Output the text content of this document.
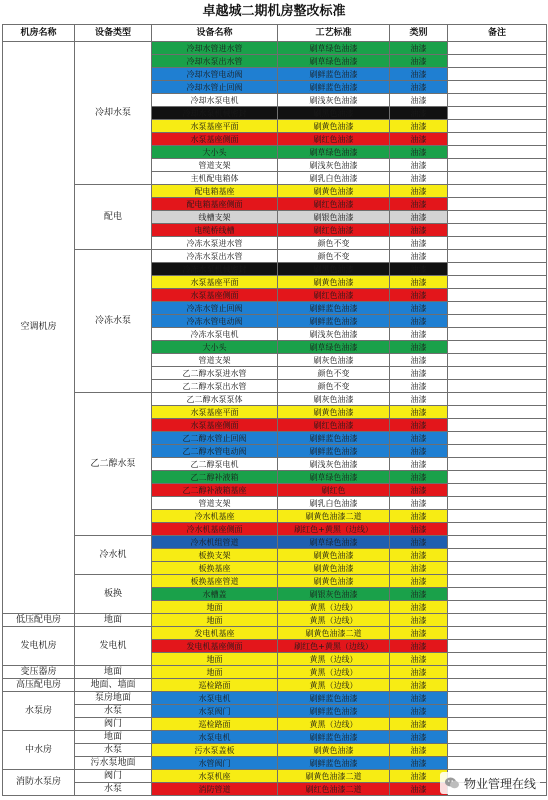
卓越城二期机房整改标准
机房名称	设备类型	设备名称	工艺标准	类别	备注
空调机房	冷却水泵	冷却水管进水管	刷草绿色油漆	油漆	
		冷却水泵出水管	刷草绿色油漆	油漆	
		冷却水管电动阀	刷鲜蓝色油漆	油漆	
		冷却水管止回阀	刷鲜蓝色油漆	油漆	
		冷却水泵电机	刷浅灰色油漆	油漆	
		冷却水泵机械密封	刷黑色油漆	油漆	
		水泵基座平面	刷黄色油漆	油漆	
		水泵基座侧面	刷红色油漆	油漆	
		大小头	刷草绿色油漆	油漆	
		管道支架	刷浅灰色油漆	油漆	
		主机配电箱体	刷乳白色油漆	油漆	
	配电	配电箱基座	刷黄色油漆	油漆	
		配电箱基座侧面	刷红色油漆	油漆	
		线槽支架	刷银色油漆	油漆	
		电缆桥线槽	刷红色油漆	油漆	
		冷冻水泵进水管	颜色不变	油漆	
	冷冻水泵	冷冻水泵出水管	颜色不变	油漆	
		冷冻水泵机械密封	刷黑色油漆	油漆	
		水泵基座平面	刷黄色油漆	油漆	
		水泵基座侧面	刷红色油漆	油漆	
		冷冻水管止回阀	刷鲜蓝色油漆	油漆	
		冷冻水管电动阀	刷鲜蓝色油漆	油漆	
		冷冻水泵电机	刷浅灰色油漆	油漆	
		大小头	刷草绿色油漆	油漆	
		管道支架	刷灰色油漆	油漆	
		乙二醇水泵进水管	颜色不变	油漆	
		乙二醇水泵出水管	颜色不变	油漆	
	乙二醇水泵	乙二醇水泵泵体	刷灰色油漆	油漆	
		水泵基座平面	刷黄色油漆	油漆	
		水泵基座侧面	刷红色油漆	油漆	
		乙二醇水管止回阀	刷鲜蓝色油漆	油漆	
		乙二醇水管电动阀	刷鲜蓝色油漆	油漆	
		乙二醇泵电机	刷浅灰色油漆	油漆	
		乙二醇补液箱	刷草绿色油漆	油漆	
		乙二醇补液箱基座	刷红色	油漆	
		管道支架	刷乳白色油漆	油漆	
		冷水机基座	刷黄色油漆二道	油漆	
		冷水机基座侧面	刷红色+黄黑（边线）	油漆	
	冷水机	冷水机组管道	刷草绿色油漆	油漆	
		板换支架	刷黄色油漆	油漆	
		板换基座	刷黄色油漆	油漆	
	板换	板换基座管道	刷黄色油漆	油漆	
		水槽盖	刷银灰色油漆	油漆	
		地面	黄黑（边线）	油漆	
低压配电房	地面	地面	黄黑（边线）	油漆	
发电机房	发电机	发电机基座	刷黄色油漆二道	油漆	
		发电机基座侧面	刷红色+黄黑（边线）	油漆	
		地面	黄黑（边线）	油漆	
变压器房	地面	地面	黄黑（边线）	油漆	
高压配电房	地面、墙面	巡检路面	黄黑（边线）	油漆	
水泵房	泵房地面	水泵电机	刷鲜蓝色油漆	油漆	
	水泵	水泵阀门	刷鲜蓝色油漆	油漆	
	阀门	巡检路面	黄黑（边线）	油漆	
中水房	地面	水泵电机	刷鲜蓝色油漆	油漆	
	水泵	污水泵盖板	刷黄色油漆	油漆	
	污水泵地面	水管阀门	刷鲜蓝色油漆	油漆	
消防水泵房	阀门	水泵机座	刷黄色油漆二道	油漆	
	水泵	消防管道	刷红色油漆二道	油漆		物业管理在线
